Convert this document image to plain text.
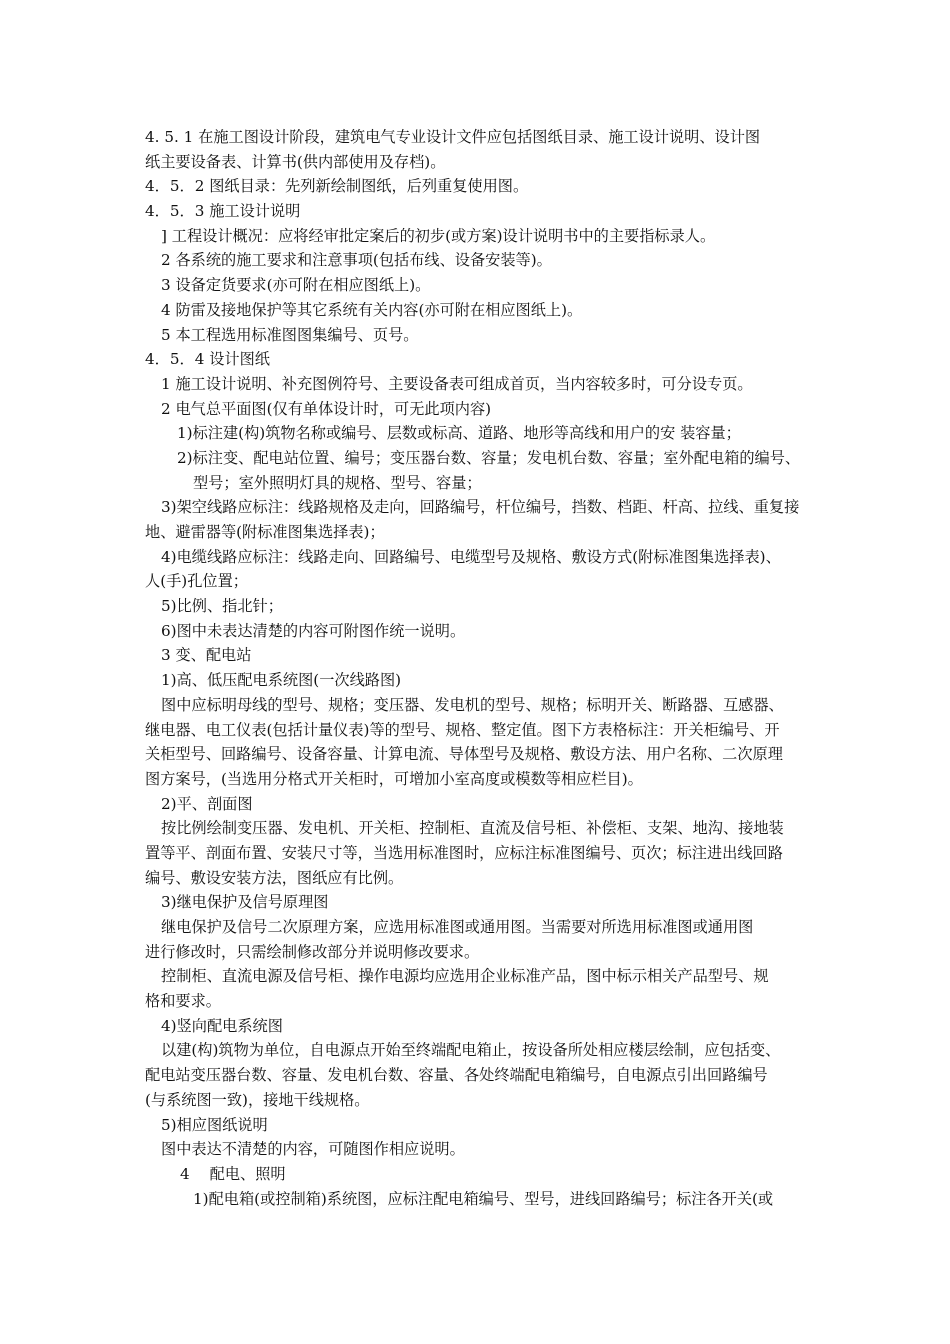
4. 5. 1 在施工图设计阶段，建筑电气专业设计文件应包括图纸目录、施工设计说明、设计图
纸主要设备表、计算书(供内部使用及存档)。
4．5．2 图纸目录：先列新绘制图纸，后列重复使用图。
4．5．3 施工设计说明
] 工程设计概况：应将经审批定案后的初步(或方案)设计说明书中的主要指标录人。
2 各系统的施工要求和注意事项(包括布线、设备安装等)。
3 设备定货要求(亦可附在相应图纸上)。
4 防雷及接地保护等其它系统有关内容(亦可附在相应图纸上)。
5 本工程选用标准图图集编号、页号。
4．5．4 设计图纸
1 施工设计说明、补充图例符号、主要设备表可组成首页，当内容较多时，可分设专页。
2 电气总平面图(仅有单体设计时，可无此项内容)
1)标注建(构)筑物名称或编号、层数或标高、道路、地形等高线和用户的安 装容量；
2)标注变、配电站位置、编号；变压器台数、容量；发电机台数、容量；室外配电箱的编号、
型号；室外照明灯具的规格、型号、容量；
3)架空线路应标注：线路规格及走向，回路编号，杆位编号，挡数、档距、杆高、拉线、重复接
地、避雷器等(附标准图集选择表)；
4)电缆线路应标注：线路走向、回路编号、电缆型号及规格、敷设方式(附标准图集选择表)、
人(手)孔位置；
5)比例、指北针；
6)图中未表达清楚的内容可附图作统一说明。
3 变、配电站
1)高、低压配电系统图(一次线路图)
图中应标明母线的型号、规格；变压器、发电机的型号、规格；标明开关、断路器、互感器、
继电器、电工仪表(包括计量仪表)等的型号、规格、整定值。图下方表格标注：开关柜编号、开
关柜型号、回路编号、设备容量、计算电流、导体型号及规格、敷设方法、用户名称、二次原理
图方案号，(当选用分格式开关柜时，可增加小室高度或模数等相应栏目)。
2)平、剖面图
按比例绘制变压器、发电机、开关柜、控制柜、直流及信号柜、补偿柜、支架、地沟、接地装
置等平、剖面布置、安装尺寸等，当选用标准图时，应标注标准图编号、页次；标注进出线回路
编号、敷设安装方法，图纸应有比例。
3)继电保护及信号原理图
继电保护及信号二次原理方案，应选用标准图或通用图。当需要对所选用标准图或通用图
进行修改时，只需绘制修改部分并说明修改要求。
控制柜、直流电源及信号柜、操作电源均应选用企业标准产品，图中标示相关产品型号、规
格和要求。
4)竖向配电系统图
以建(构)筑物为单位，自电源点开始至终端配电箱止，按设备所处相应楼层绘制，应包括变、
配电站变压器台数、容量、发电机台数、容量、各处终端配电箱编号，自电源点引出回路编号
(与系统图一致)，接地干线规格。
5)相应图纸说明
图中表达不清楚的内容，可随图作相应说明。
4　 配电、照明
1)配电箱(或控制箱)系统图，应标注配电箱编号、型号，进线回路编号；标注各开关(或
